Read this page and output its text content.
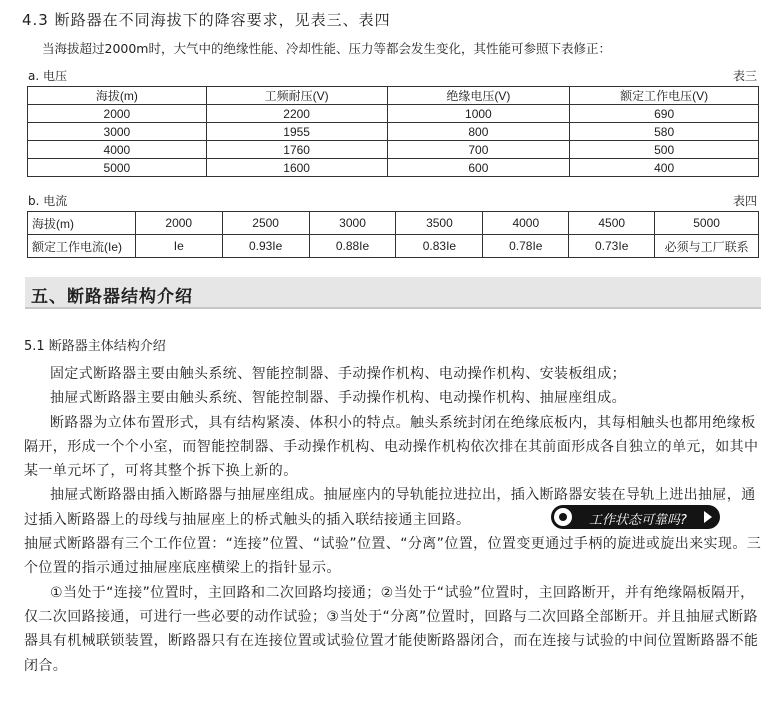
4.3 断路器在不同海拔下的降容要求，见表三、表四
当海拔超过2000m时，大气中的绝缘性能、冷却性能、压力等都会发生变化，其性能可参照下表修正：
a. 电压	表三
海拔(m)	工频耐压(V)	绝缘电压(V)	额定工作电压(V)
2000	2200	1000	690
3000	1955	800	580
4000	1760	700	500
5000	1600	600	400
b. 电流	表四
海拔(m)	2000	2500	3000	3500	4000	4500	5000
额定工作电流(Ie)	Ie	0.93Ie	0.88Ie	0.83Ie	0.78Ie	0.73Ie	必须与工厂联系
五、断路器结构介绍
5.1 断路器主体结构介绍

固定式断路器主要由触头系统、智能控制器、手动操作机构、电动操作机构、安装板组成；

抽屉式断路器主要由触头系统、智能控制器、手动操作机构、电动操作机构、抽屉座组成。

断路器为立体布置形式，具有结构紧凑、体积小的特点。触头系统封闭在绝缘底板内，其每相触头也都用绝缘板隔开，形成一个个小室，而智能控制器、手动操作机构、电动操作机构依次排在其前面形成各自独立的单元，如其中某一单元坏了，可将其整个拆下换上新的。

抽屉式断路器由插入断路器与抽屉座组成。抽屉座内的导轨能拉进拉出，插入断路器安装在导轨上进出抽屉，通过插入断路器上的母线与抽屉座上的桥式触头的插入联结接通主回路。

抽屉式断路器有三个工作位置：“连接”位置、“试验”位置、“分离”位置，位置变更通过手柄的旋进或旋出来实现。三个位置的指示通过抽屉座底座横梁上的指针显示。

①当处于“连接”位置时，主回路和二次回路均接通；②当处于“试验”位置时，主回路断开，并有绝缘隔板隔开，仅二次回路接通，可进行一些必要的动作试验；③当处于“分离”位置时，回路与二次回路全部断开。并且抽屉式断路器具有机械联锁装置，断路器只有在连接位置或试验位置才能使断路器闭合，而在连接与试验的中间位置断路器不能闭合。

工作状态可靠吗?
